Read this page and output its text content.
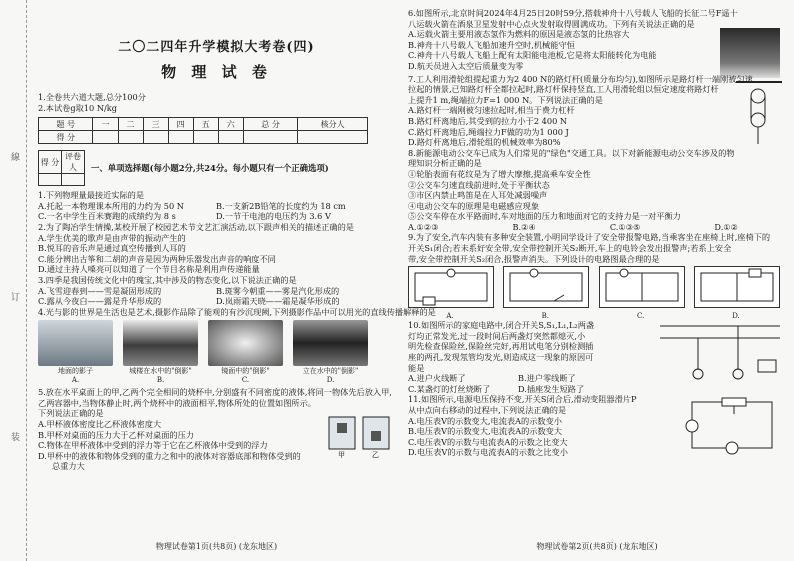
線
订
装
二〇二四年升学模拟大考卷(四)
物 理 试 卷
1.全卷共六道大题,总分100分
2.本试卷g取10 N/kg
题 号	一	二	三	四	五	六	总 分	核分人
得 分								
得 分	评卷人
	一、单项选择题(每小题2分,共24分。每小题只有一个正确选项)
1.下列物理量最接近实际的是
A.托起一本物理课本所用的力约为 50 N	B.一支新2B铅笔的长度约为 18 cm
C.一名中学生百米赛跑的成绩约为 8 s	D.一节干电池的电压约为 3.6 V
2.为了陶冶学生情操,某校开展了校园艺术节文艺汇演活动,以下跟声相关的描述正确的是
A.学生优美的歌声是由声带的振动产生的
B.悦耳的音乐声是通过真空传播到人耳的
C.能分辨出古筝和二胡的声音是因为两种乐器发出声音的响度不同
D.通过主持人嗓亮可以知道了一个节目名称是利用声传递能量
3.四季是我国传统文化中的瑰宝,其中涉及的物态变化,以下说法正确的是
A.飞雪迎春到——雪是凝固形成的	B.斑雾今朝重——雾是汽化形成的
C.露从今夜白——露是升华形成的	D.岚雨霜天晓——霜是凝华形成的
4.光与影的世界是生活也是艺术,摄影作品除了能观的有沙沉现阙,下列摄影作品中可以用光的直线传播解释的是
地面的影子
A.
城楼在水中的"倒影"
B.
镜面中的"倒影"
C.
立在水中的"倒影"
D.
5.放在水平桌面上的甲,乙两个完全相同的烧杯中,分别盛有不同密度的液体,将同一物体先后放入甲,乙两容器中,当物体静止时,两个烧杯中的液面相平,物体所处的位置如图所示。
下列说法正确的是
A.甲杯液体密度比乙杯液体密度大
B.甲杯对桌面的压力大于乙杯对桌面的压力
C.物体在甲杯液体中受到的浮力等于它在乙杯液体中受到的浮力
D.甲杯中的液体和物体受到的重力之和中的液体对容器底部和物体受到的
总重力大
甲	乙
物理试卷第1页(共8页) (龙东地区)
6.如图所示,北京时间2024年4月25日20时59分,搭载神舟十八号载人飞船的长征二号F遥十
八运载火箭在酒泉卫星发射中心点火发射取得圆满成功。下列有关说法正确的是
A.运载火箭主要用液态氢作为燃料的原因是液态氢的比热容大
B.神舟十八号载人飞船加速升空时,机械能守恒
C.神舟十八号载人飞船上配有太阳能电池板,它是将太阳能转化为电能
D.航天员进入太空后质量变为零
7.工人利用滑轮组提起重力为2 400 N的路灯杆(质量分布均匀),如图所示是路灯杆一端刚被匀速
拉起的情景,已知路灯杆全都拉起时,路灯杆保持竖直,工人用滑轮组以恒定速度将路灯杆
上提升1 m,绳端拉力F=1 000 N。下列说法正确的是
A.路灯杆一端刚被匀速拉起时,相当于费力杠杆
B.路灯杆离地后,其受到的拉力小于2 400 N
C.路灯杆离地后,绳端拉力F做的功为1 000 J
D.路灯杆离地后,滑轮组的机械效率为80%
8.新能源电动公交车已成为人们常见的"绿色"交通工具。以下对新能源电动公交车涉及的物
理知识分析正确的是
①轮胎表面有花纹是为了增大摩擦,提高乘车安全性
②公交车匀速直线前进时,处于平衡状态
③市区内禁止鸣笛是在人耳处减弱噪声
④电动公交车的原理是电磁感应现象
⑤公交车停在水平路面时,车对地面的压力和地面对它的支持力是一对平衡力
A.①②③	B.②④	C.①③⑤	D.①②
9.为了安全,汽车内装有多种安全装置,小明同学设计了安全带报警电路,当乘客坐在座椅上时,座椅下的
开关S₁闭合;若未系好安全带,安全带控制开关S₂断开,车上的电铃会发出报警声;若系上安全
带,安全带控制开关S₂闭合,报警声消失。下列设计的电路图最合理的是
A.	B.	C.	D.
10.如图所示的家庭电路中,闭合开关S,S₁,L₁,L₂两盏
灯均正常发光,过一段时间后两盏灯突然都熄灭,小
明先检查保险丝,保险丝完好,再用试电笔分别检测插
座的两孔,发现氖管均发光,则造成这一现象的原因可
能是
A.进户火线断了	B.进户零线断了
C.某盏灯的灯丝烧断了	D.插座发生短路了
11.如图所示,电源电压保持不变,开关S闭合后,滑动变阻器滑片P
从中点向右移动的过程中,下列说法正确的是
A.电压表V的示数变大,电流表A的示数变小
B.电压表V的示数变大,电流表A的示数变大
C.电压表V的示数与电流表A的示数之比变大
D.电压表V的示数与电流表A的示数之比变小
物理试卷第2页(共8页) (龙东地区)
